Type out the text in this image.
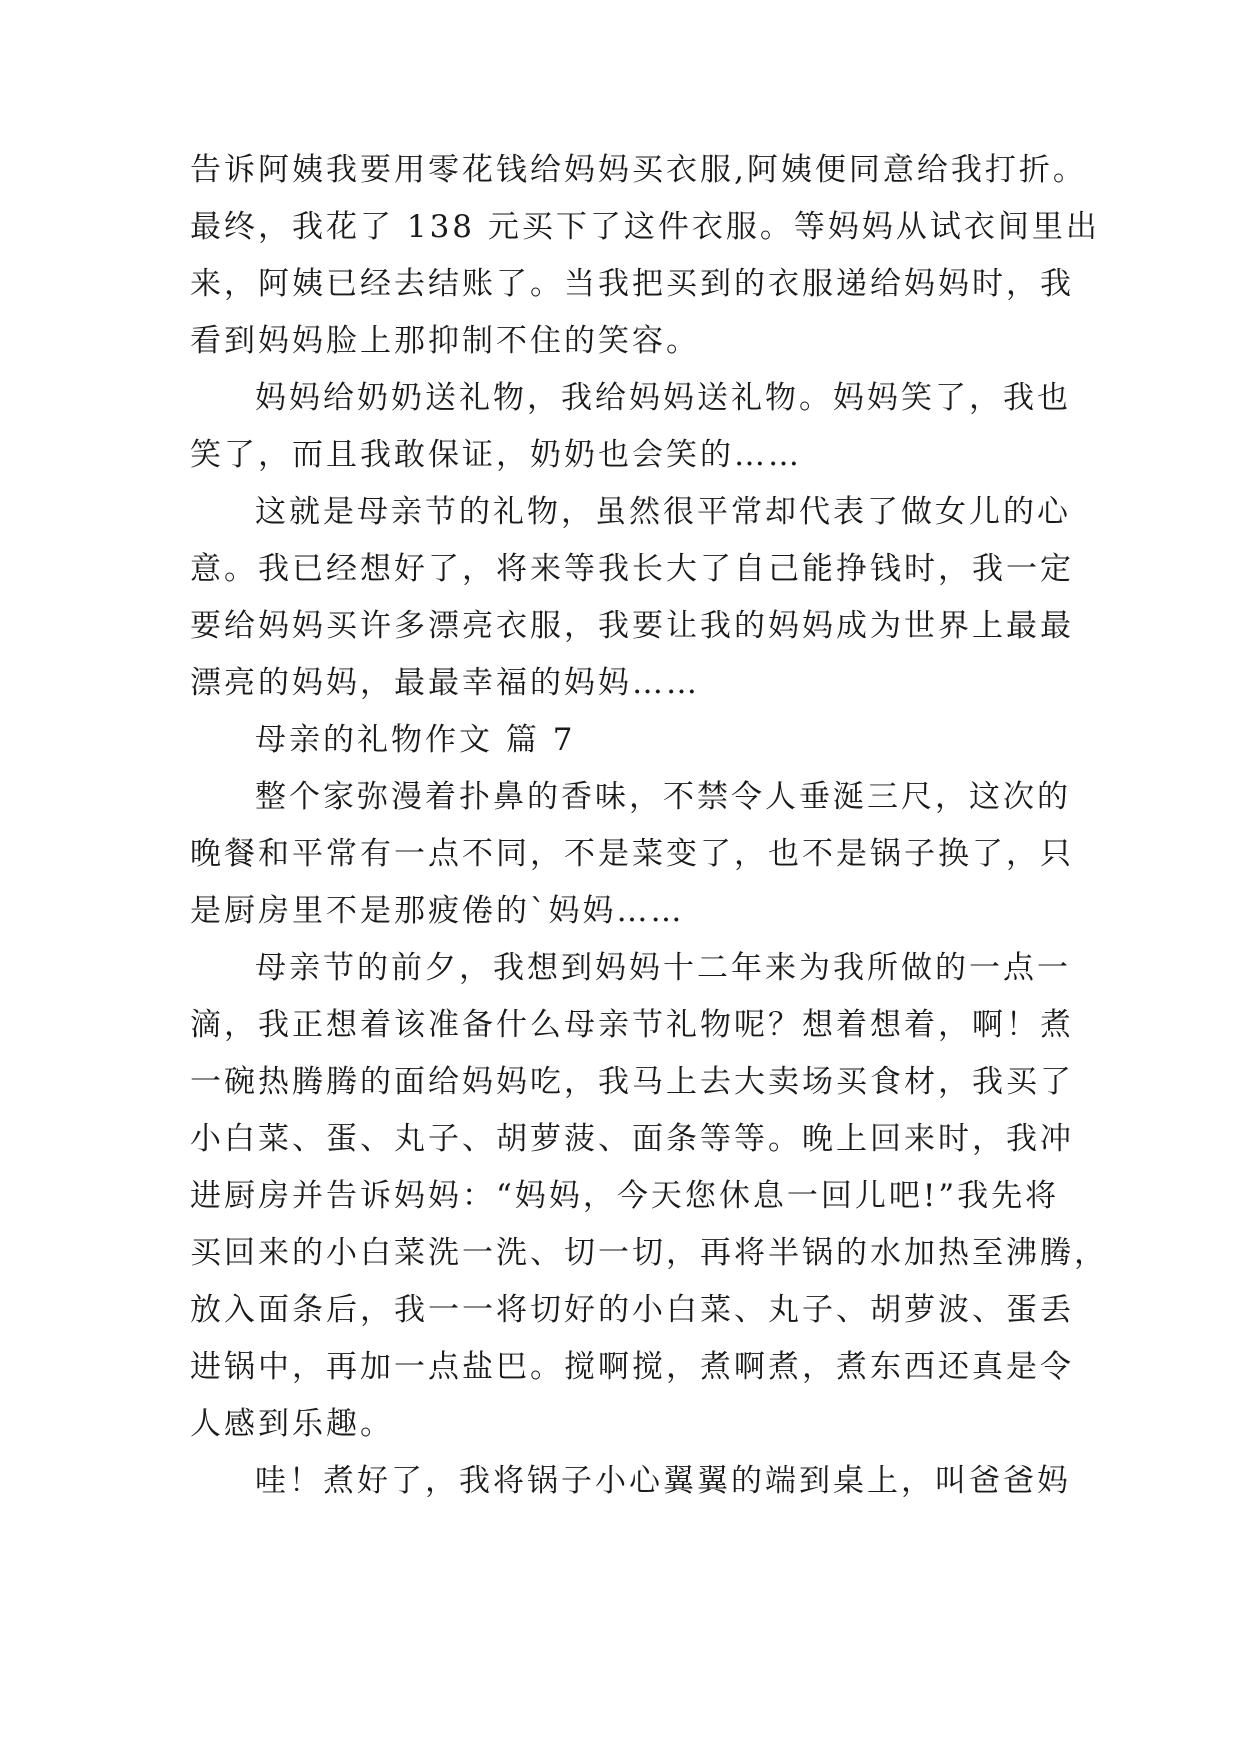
告诉阿姨我要用零花钱给妈妈买衣服,阿姨便同意给我打折。
最终，我花了 138 元买下了这件衣服。等妈妈从试衣间里出
来，阿姨已经去结账了。当我把买到的衣服递给妈妈时，我
看到妈妈脸上那抑制不住的笑容。
妈妈给奶奶送礼物，我给妈妈送礼物。妈妈笑了，我也
笑了，而且我敢保证，奶奶也会笑的……
这就是母亲节的礼物，虽然很平常却代表了做女儿的心
意。我已经想好了，将来等我长大了自己能挣钱时，我一定
要给妈妈买许多漂亮衣服，我要让我的妈妈成为世界上最最
漂亮的妈妈，最最幸福的妈妈……
母亲的礼物作文 篇 7
整个家弥漫着扑鼻的香味，不禁令人垂涎三尺，这次的
晚餐和平常有一点不同，不是菜变了，也不是锅子换了，只
是厨房里不是那疲倦的`妈妈……
母亲节的前夕，我想到妈妈十二年来为我所做的一点一
滴，我正想着该准备什么母亲节礼物呢？想着想着，啊！煮
一碗热腾腾的面给妈妈吃，我马上去大卖场买食材，我买了
小白菜、蛋、丸子、胡萝菠、面条等等。晚上回来时，我冲
进厨房并告诉妈妈：“妈妈，今天您休息一回儿吧!”我先将
买回来的小白菜洗一洗、切一切，再将半锅的水加热至沸腾，
放入面条后，我一一将切好的小白菜、丸子、胡萝波、蛋丢
进锅中，再加一点盐巴。搅啊搅，煮啊煮，煮东西还真是令
人感到乐趣。
哇！煮好了，我将锅子小心翼翼的端到桌上，叫爸爸妈
